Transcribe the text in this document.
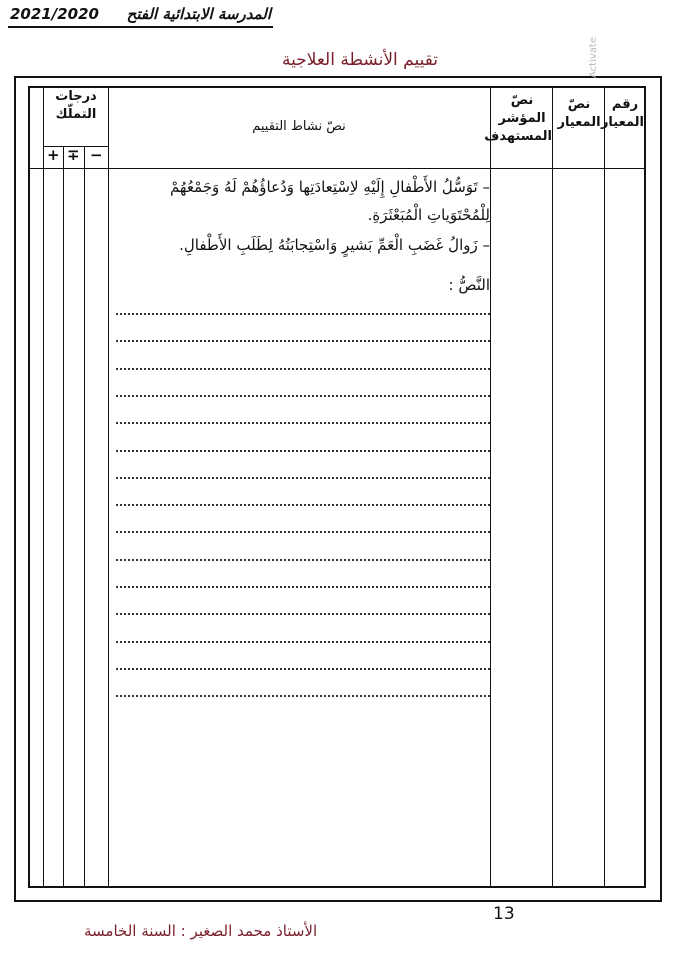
2021/2020 المدرسة الابتدائية الفتح
تقييم الأنشطة العلاجية
رقم المعيار
نصّ المعيار
نصّ المؤشر المستهدف
نصّ نشاط التقييم
درجات التملّك
+ ∓ −
– تَوَسُّلُ الأَطْفالِ إِلَيْهِ لاِسْتِعادَتِها وَدُعاؤُهُمْ لَهُ وَجَمْعُهُمْ
لِلْمُحْتَوَياتِ الْمُبَعْثَرَةِ.
– زَوالُ غَضَبِ الْعَمِّ بَشيرٍ وَاسْتِجابَتُهُ لِطَلَبِ الأَطْفالِ.
النَّصُّ :
13
الأستاذ محمد الصغير : السنة الخامسة
Activate
